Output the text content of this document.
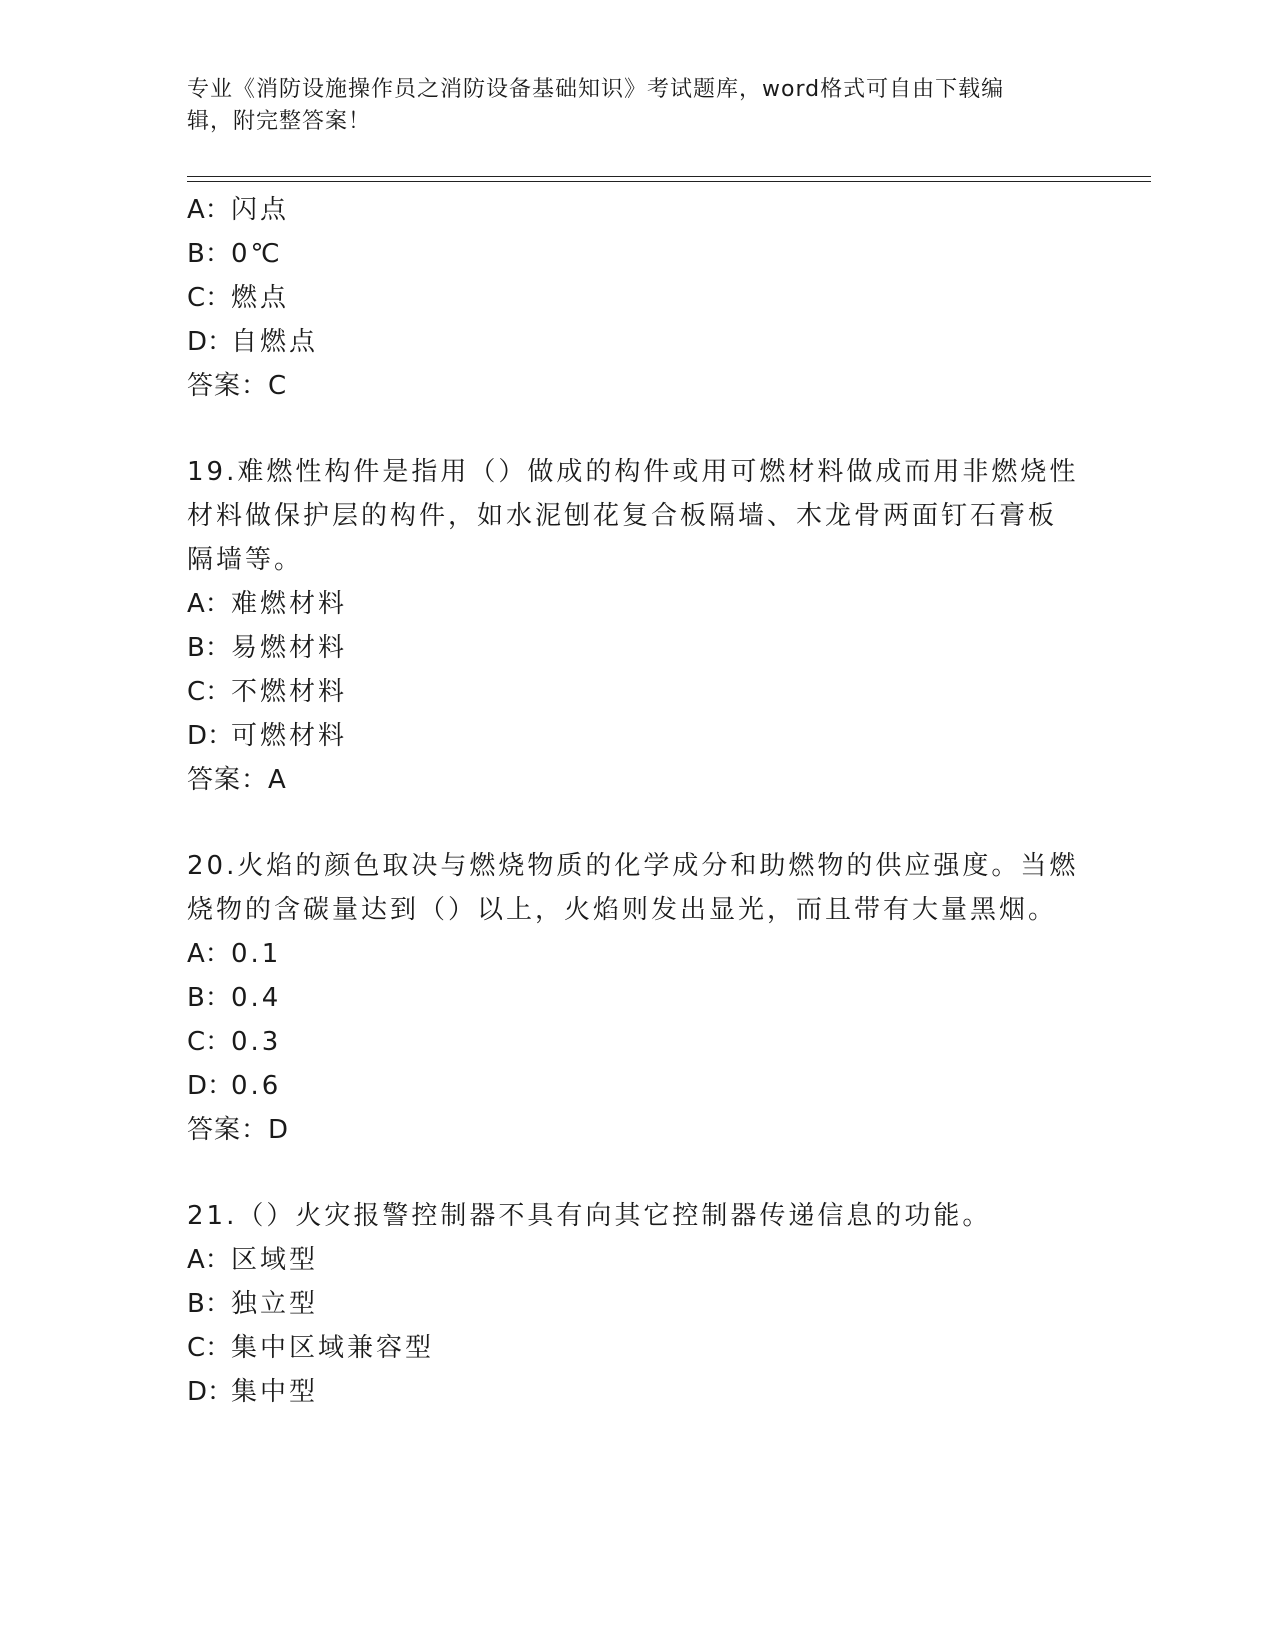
专业《消防设施操作员之消防设备基础知识》考试题库，word格式可自由下载编
辑，附完整答案！
A：闪点
B：0℃
C：燃点
D：自燃点
答案：C
19.难燃性构件是指用（）做成的构件或用可燃材料做成而用非燃烧性
材料做保护层的构件，如水泥刨花复合板隔墙、木龙骨两面钉石膏板
隔墙等。
A：难燃材料
B：易燃材料
C：不燃材料
D：可燃材料
答案：A
20.火焰的颜色取决与燃烧物质的化学成分和助燃物的供应强度。当燃
烧物的含碳量达到（）以上，火焰则发出显光，而且带有大量黑烟。
A：0.1
B：0.4
C：0.3
D：0.6
答案：D
21.（）火灾报警控制器不具有向其它控制器传递信息的功能。
A：区域型
B：独立型
C：集中区域兼容型
D：集中型
